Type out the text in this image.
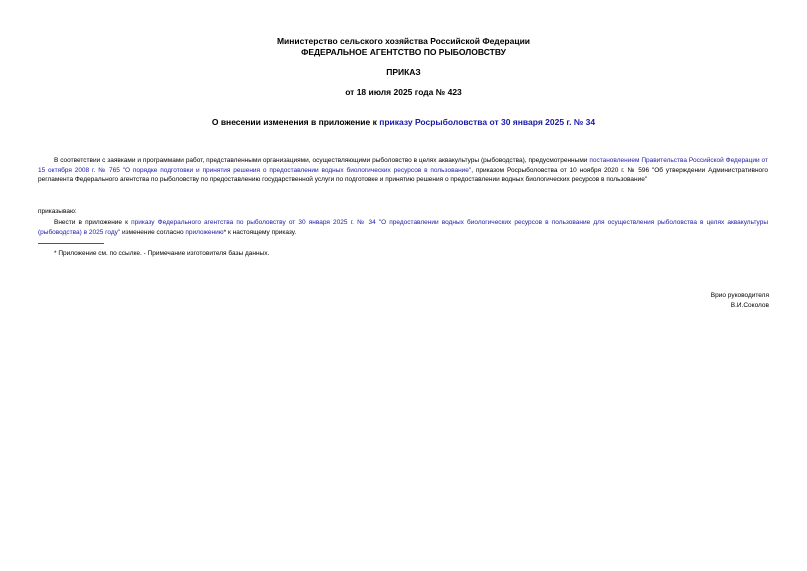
Министерство сельского хозяйства Российской Федерации
ФЕДЕРАЛЬНОЕ АГЕНТСТВО ПО РЫБОЛОВСТВУ
ПРИКАЗ
от 18 июля 2025 года № 423
О внесении изменения в приложение к приказу Росрыболовства от 30 января 2025 г. № 34
В соответствии с заявками и программами работ, представленными организациями, осуществляющими рыболовство в целях аквакультуры (рыбоводства), предусмотренными постановлением Правительства Российской Федерации от 15 октября 2008 г. № 765 "О порядке подготовки и принятия решения о предоставлении водных биологических ресурсов в пользование", приказом Росрыболовства от 10 ноября 2020 г. № 596 "Об утверждении Административного регламента Федерального агентства по рыболовству по предоставлению государственной услуги по подготовке и принятию решения о предоставлении водных биологических ресурсов в пользование"
приказываю:
Внести в приложение к приказу Федерального агентства по рыболовству от 30 января 2025 г. № 34 "О предоставлении водных биологических ресурсов в пользование для осуществления рыболовства в целях аквакультуры (рыбоводства) в 2025 году" изменение согласно приложению* к настоящему приказу.
* Приложение см. по ссылке. - Примечание изготовителя базы данных.
Врио руководителя
В.И.Соколов
